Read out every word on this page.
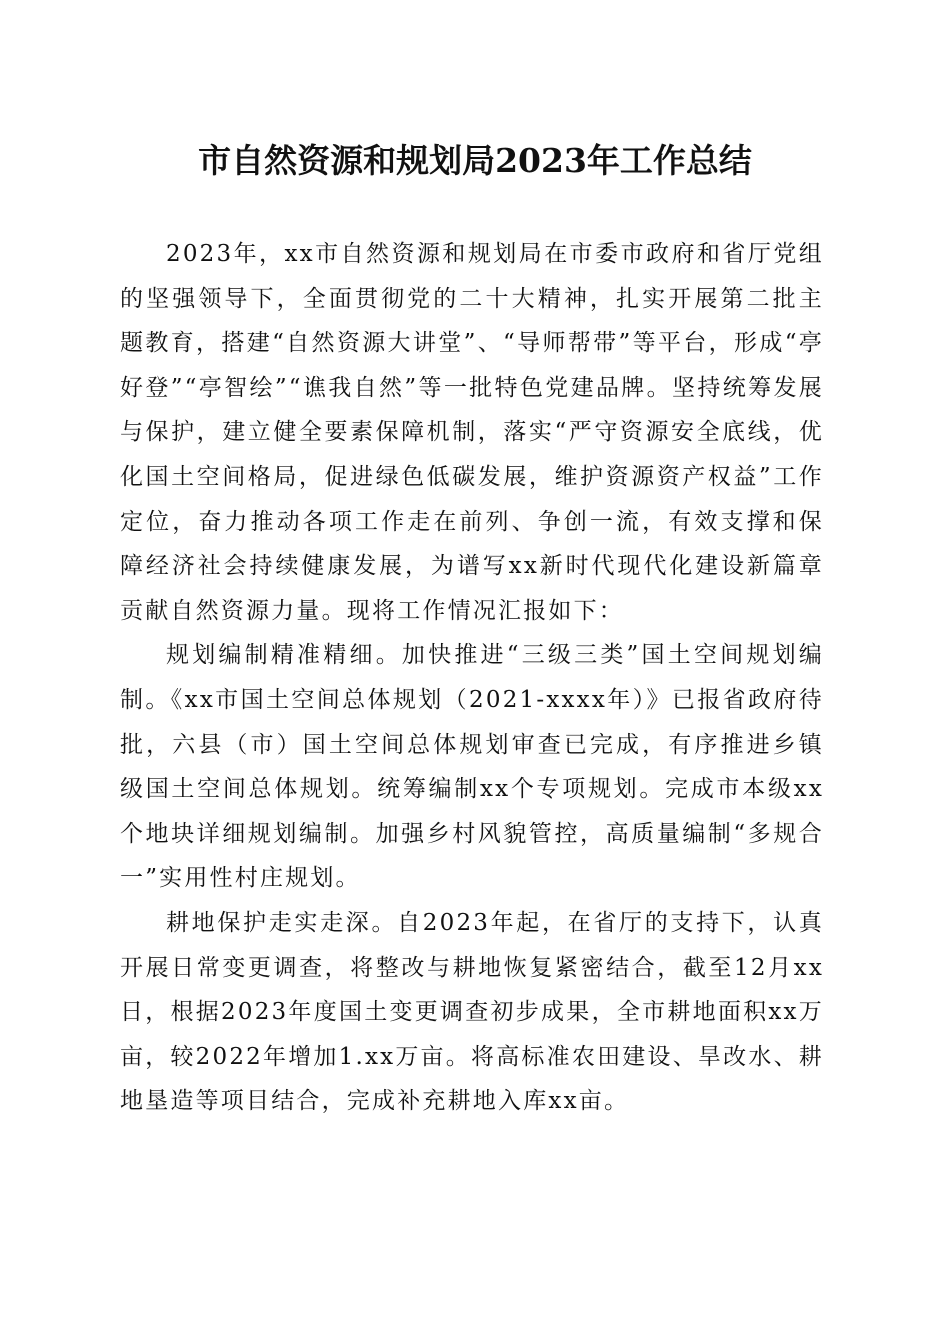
市自然资源和规划局2023年工作总结

2023年，xx市自然资源和规划局在市委市政府和省厅党组的坚强领导下，全面贯彻党的二十大精神，扎实开展第二批主题教育，搭建“自然资源大讲堂”、“导师帮带”等平台，形成“亭好登”“亭智绘”“谯我自然”等一批特色党建品牌。坚持统筹发展与保护，建立健全要素保障机制，落实“严守资源安全底线，优化国土空间格局，促进绿色低碳发展，维护资源资产权益”工作定位，奋力推动各项工作走在前列、争创一流，有效支撑和保障经济社会持续健康发展，为谱写xx新时代现代化建设新篇章贡献自然资源力量。现将工作情况汇报如下：

规划编制精准精细。加快推进“三级三类”国土空间规划编制。《xx市国土空间总体规划（2021-xxxx年）》已报省政府待批，六县（市）国土空间总体规划审查已完成，有序推进乡镇级国土空间总体规划。统筹编制xx个专项规划。完成市本级xx个地块详细规划编制。加强乡村风貌管控，高质量编制“多规合一”实用性村庄规划。

耕地保护走实走深。自2023年起，在省厅的支持下，认真开展日常变更调查，将整改与耕地恢复紧密结合，截至12月xx日，根据2023年度国土变更调查初步成果，全市耕地面积xx万亩，较2022年增加1.xx万亩。将高标准农田建设、旱改水、耕地垦造等项目结合，完成补充耕地入库xx亩。
